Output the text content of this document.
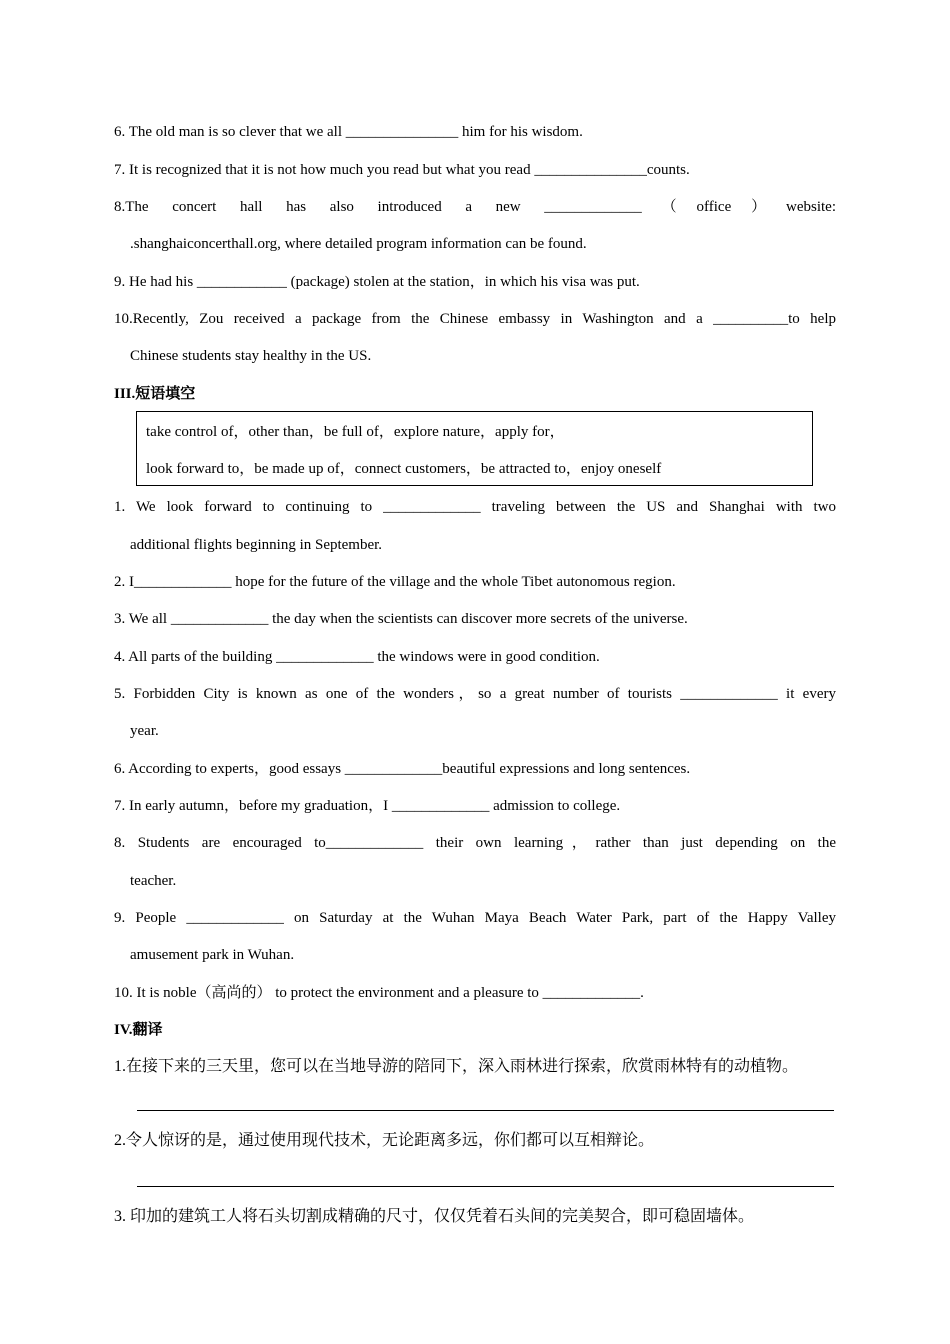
6. The old man is so clever that we all _______________ him for his wisdom.
7. It is recognized that it is not how much you read but what you read _______________counts.
8.The concert hall has also introduced a new _____________（office）website:
.shanghaiconcerthall.org, where detailed program information can be found.
9. He had his ____________ (package) stolen at the station，in which his visa was put.
10.Recently, Zou received a package from the Chinese embassy in Washington and a __________to help
Chinese students stay healthy in the US.
III.短语填空
take control of，other than，be full of，explore nature，apply for，
look forward to，be made up of，connect customers，be attracted to，enjoy oneself
1. We look forward to continuing to _____________ traveling between the US and Shanghai with two
additional flights beginning in September.
2. I_____________ hope for the future of the village and the whole Tibet autonomous region.
3. We all _____________ the day when the scientists can discover more secrets of the universe.
4. All parts of the building _____________ the windows were in good condition.
5. Forbidden City is known as one of the wonders，so a great number of tourists _____________ it every
year.
6. According to experts，good essays _____________beautiful expressions and long sentences.
7. In early autumn，before my graduation，I _____________ admission to college.
8. Students are encouraged to_____________ their own learning，rather than just depending on the
teacher.
9. People _____________ on Saturday at the Wuhan Maya Beach Water Park, part of the Happy Valley
amusement park in Wuhan.
10. It is noble（高尚的） to protect the environment and a pleasure to _____________.
IV.翻译
1.在接下来的三天里，您可以在当地导游的陪同下，深入雨林进行探索，欣赏雨林特有的动植物。
2.令人惊讶的是，通过使用现代技术，无论距离多远，你们都可以互相辩论。
3. 印加的建筑工人将石头切割成精确的尺寸，仅仅凭着石头间的完美契合，即可稳固墙体。
